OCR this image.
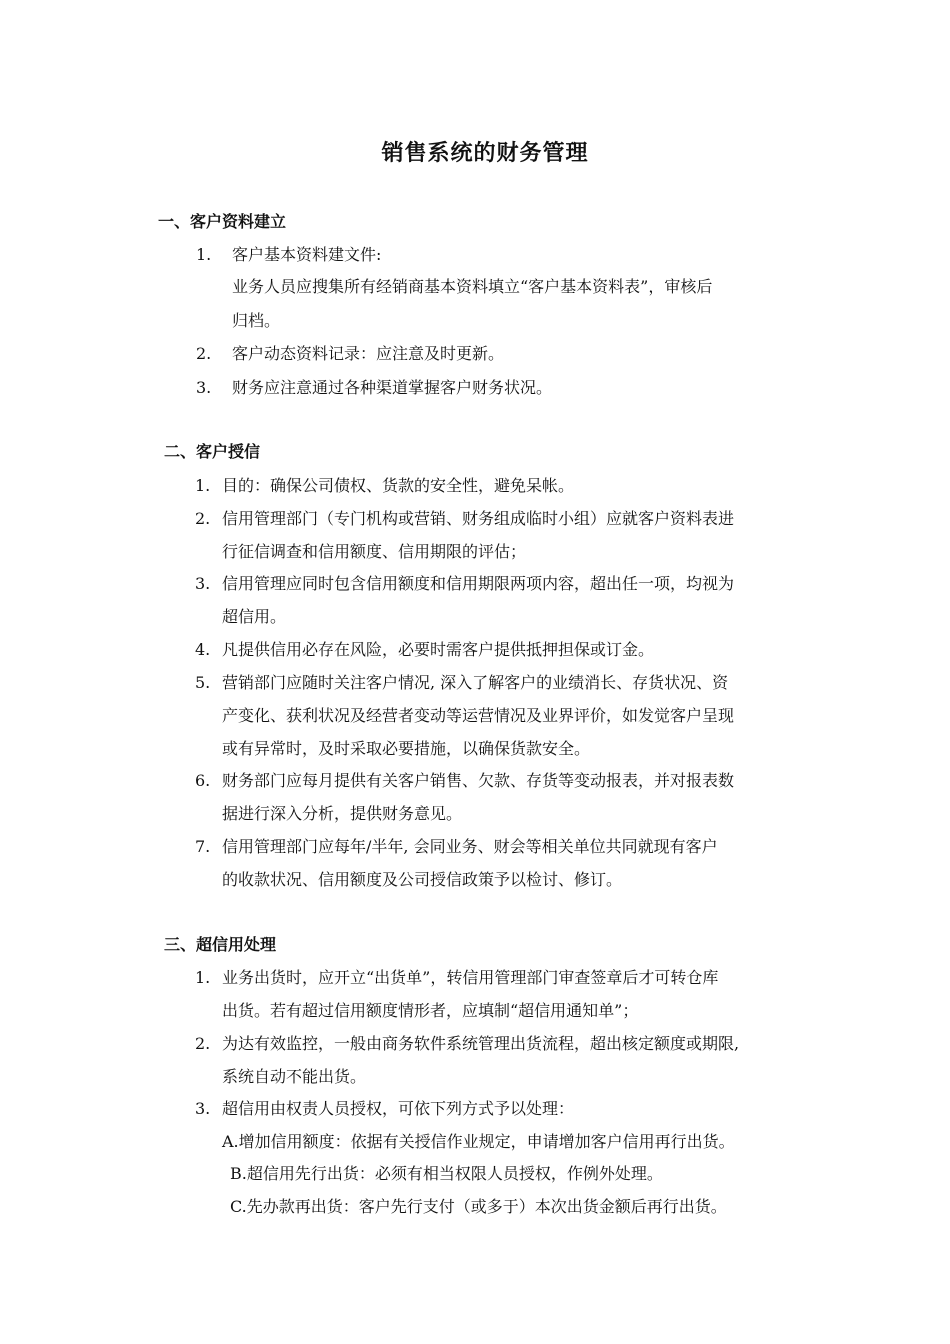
销售系统的财务管理
一、客户资料建立
1. 客户基本资料建文件:

业务人员应搜集所有经销商基本资料填立“客户基本资料表”，审核后

归档。

2. 客户动态资料记录：应注意及时更新。

3. 财务应注意通过各种渠道掌握客户财务状况。

二、客户授信
1. 目的：确保公司债权、货款的安全性，避免呆帐。

2. 信用管理部门（专门机构或营销、财务组成临时小组）应就客户资料表进

行征信调查和信用额度、信用期限的评估；

3. 信用管理应同时包含信用额度和信用期限两项内容，超出任一项，均视为

超信用。

4. 凡提供信用必存在风险，必要时需客户提供抵押担保或订金。

5. 营销部门应随时关注客户情况, 深入了解客户的业绩消长、存货状况、资

产变化、获利状况及经营者变动等运营情况及业界评价，如发觉客户呈现

或有异常时，及时采取必要措施，以确保货款安全。

6. 财务部门应每月提供有关客户销售、欠款、存货等变动报表，并对报表数

据进行深入分析，提供财务意见。

7. 信用管理部门应每年/半年, 会同业务、财会等相关单位共同就现有客户

的收款状况、信用额度及公司授信政策予以检讨、修订。

三、超信用处理
1. 业务出货时，应开立“出货单”，转信用管理部门审查签章后才可转仓库

出货。若有超过信用额度情形者，应填制“超信用通知单”；

2. 为达有效监控，一般由商务软件系统管理出货流程，超出核定额度或期限,

系统自动不能出货。

3. 超信用由权责人员授权，可依下列方式予以处理：

A.增加信用额度：依据有关授信作业规定，申请增加客户信用再行出货。

B.超信用先行出货：必须有相当权限人员授权，作例外处理。

C.先办款再出货：客户先行支付（或多于）本次出货金额后再行出货。
